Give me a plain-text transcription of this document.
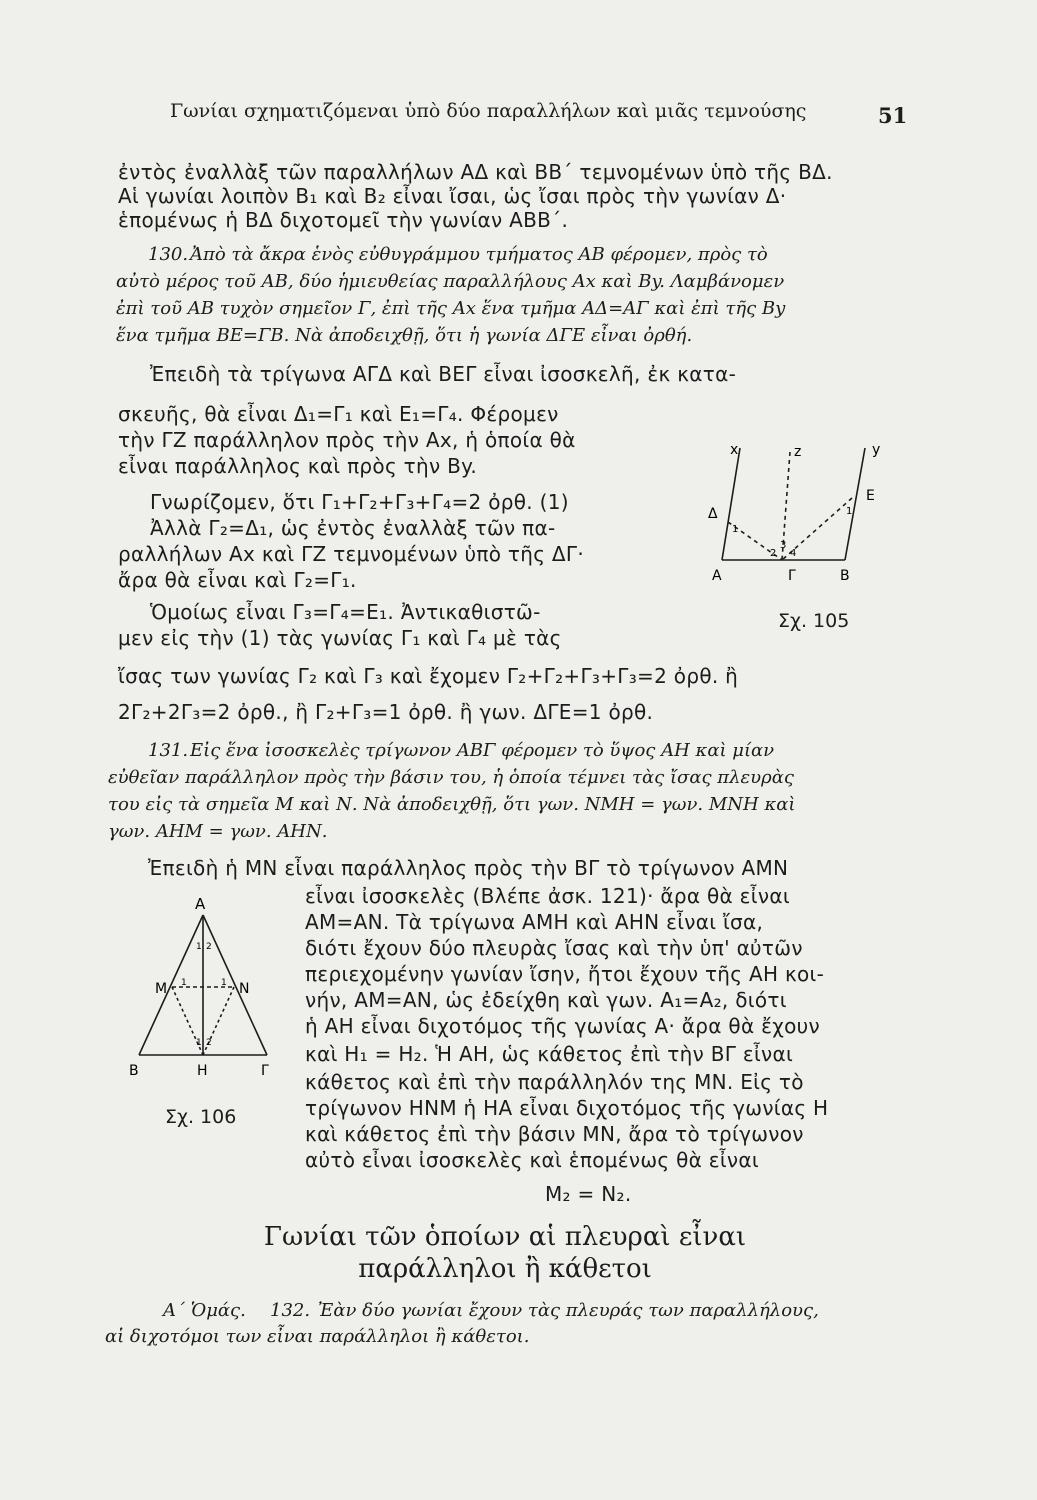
Γωνίαι σχηματιζόμεναι ὑπὸ δύο παραλλήλων καὶ μιᾶς τεμνούσης	51
ἐντὸς ἐναλλὰξ τῶν παραλλήλων ΑΔ καὶ ΒΒ΄ τεμνομένων ὑπὸ τῆς ΒΔ.
Αἱ γωνίαι λοιπὸν Β₁ καὶ Β₂ εἶναι ἴσαι, ὡς ἴσαι πρὸς τὴν γωνίαν Δ·
ἑπομένως ἡ ΒΔ διχοτομεῖ τὴν γωνίαν ΑΒΒ΄.
130. Ἀπὸ τὰ ἄκρα ἑνὸς εὐθυγράμμου τμήματος ΑΒ φέρομεν, πρὸς τὸ
αὐτὸ μέρος τοῦ ΑΒ, δύο ἡμιευθείας παραλλήλους Αx καὶ Βy. Λαμβάνομεν
ἐπὶ τοῦ ΑΒ τυχὸν σημεῖον Γ, ἐπὶ τῆς Αx ἕνα τμῆμα ΑΔ=ΑΓ καὶ ἐπὶ τῆς Βy
ἕνα τμῆμα ΒΕ=ΓΒ. Νὰ ἀποδειχθῇ, ὅτι ἡ γωνία ΔΓΕ εἶναι ὀρθή.
Ἐπειδὴ τὰ τρίγωνα ΑΓΔ καὶ ΒΕΓ εἶναι ἰσοσκελῆ, ἐκ κατα-
σκευῆς, θὰ εἶναι Δ₁=Γ₁ καὶ Ε₁=Γ₄. Φέρομεν
τὴν ΓΖ παράλληλον πρὸς τὴν Αx, ἡ ὁποία θὰ
εἶναι παράλληλος καὶ πρὸς τὴν Βy.
Γνωρίζομεν, ὅτι Γ₁+Γ₂+Γ₃+Γ₄=2 ὀρθ. (1)
Ἀλλὰ Γ₂=Δ₁, ὡς ἐντὸς ἐναλλὰξ τῶν πα-
ραλλήλων Αx καὶ ΓΖ τεμνομένων ὑπὸ τῆς ΔΓ·
ἄρα θὰ εἶναι καὶ Γ₂=Γ₁.
Ὁμοίως εἶναι Γ₃=Γ₄=Ε₁. Ἀντικαθιστῶ-
μεν εἰς τὴν (1) τὰς γωνίας Γ₁ καὶ Γ₄ μὲ τὰς
ἴσας των γωνίας Γ₂ καὶ Γ₃ καὶ ἔχομεν Γ₂+Γ₂+Γ₃+Γ₃=2 ὀρθ. ἢ
2Γ₂+2Γ₃=2 ὀρθ., ἢ Γ₂+Γ₃=1 ὀρθ. ἢ γων. ΔΓΕ=1 ὀρθ.
x	z	y
Δ
Ε
Α	Γ	Β
1
1
2
3
4
Σχ. 105
131. Εἰς ἕνα ἰσοσκελὲς τρίγωνον ΑΒΓ φέρομεν τὸ ὕψος ΑΗ καὶ μίαν
εὐθεῖαν παράλληλον πρὸς τὴν βάσιν του, ἡ ὁποία τέμνει τὰς ἴσας πλευρὰς
του εἰς τὰ σημεῖα Μ καὶ Ν. Νὰ ἀποδειχθῇ, ὅτι γων. ΝΜΗ = γων. ΜΝΗ καὶ
γων. ΑΗΜ = γων. ΑΗΝ.
Ἐπειδὴ ἡ ΜΝ εἶναι παράλληλος πρὸς τὴν ΒΓ τὸ τρίγωνον ΑΜΝ
εἶναι ἰσοσκελὲς (Βλέπε ἀσκ. 121)· ἄρα θὰ εἶναι
ΑΜ=ΑΝ. Τὰ τρίγωνα ΑΜΗ καὶ ΑΗΝ εἶναι ἴσα,
διότι ἔχουν δύο πλευρὰς ἴσας καὶ τὴν ὑπ' αὐτῶν
περιεχομένην γωνίαν ἴσην, ἤτοι ἔχουν τῆς ΑΗ κοι-
νήν, ΑΜ=ΑΝ, ὡς ἐδείχθη καὶ γων. Α₁=Α₂, διότι
ἡ ΑΗ εἶναι διχοτόμος τῆς γωνίας Α· ἄρα θὰ ἔχουν
καὶ Η₁ = Η₂. Ἡ ΑΗ, ὡς κάθετος ἐπὶ τὴν ΒΓ εἶναι
κάθετος καὶ ἐπὶ τὴν παράλληλόν της ΜΝ. Εἰς τὸ
τρίγωνον ΗΝΜ ἡ ΗΑ εἶναι διχοτόμος τῆς γωνίας Η
καὶ κάθετος ἐπὶ τὴν βάσιν ΜΝ, ἄρα τὸ τρίγωνον
αὐτὸ εἶναι ἰσοσκελὲς καὶ ἑπομένως θὰ εἶναι
Μ₂ = Ν₂.
Α
Μ	Ν
Β	Η	Γ
1 2
1	1
1 2
Σχ. 106
Γωνίαι τῶν ὁποίων αἱ πλευραὶ εἶναι
παράλληλοι ἢ κάθετοι
Α΄ Ὁμάς. 132. Ἐὰν δύο γωνίαι ἔχουν τὰς πλευράς των παραλλήλους,
αἱ διχοτόμοι των εἶναι παράλληλοι ἢ κάθετοι.
